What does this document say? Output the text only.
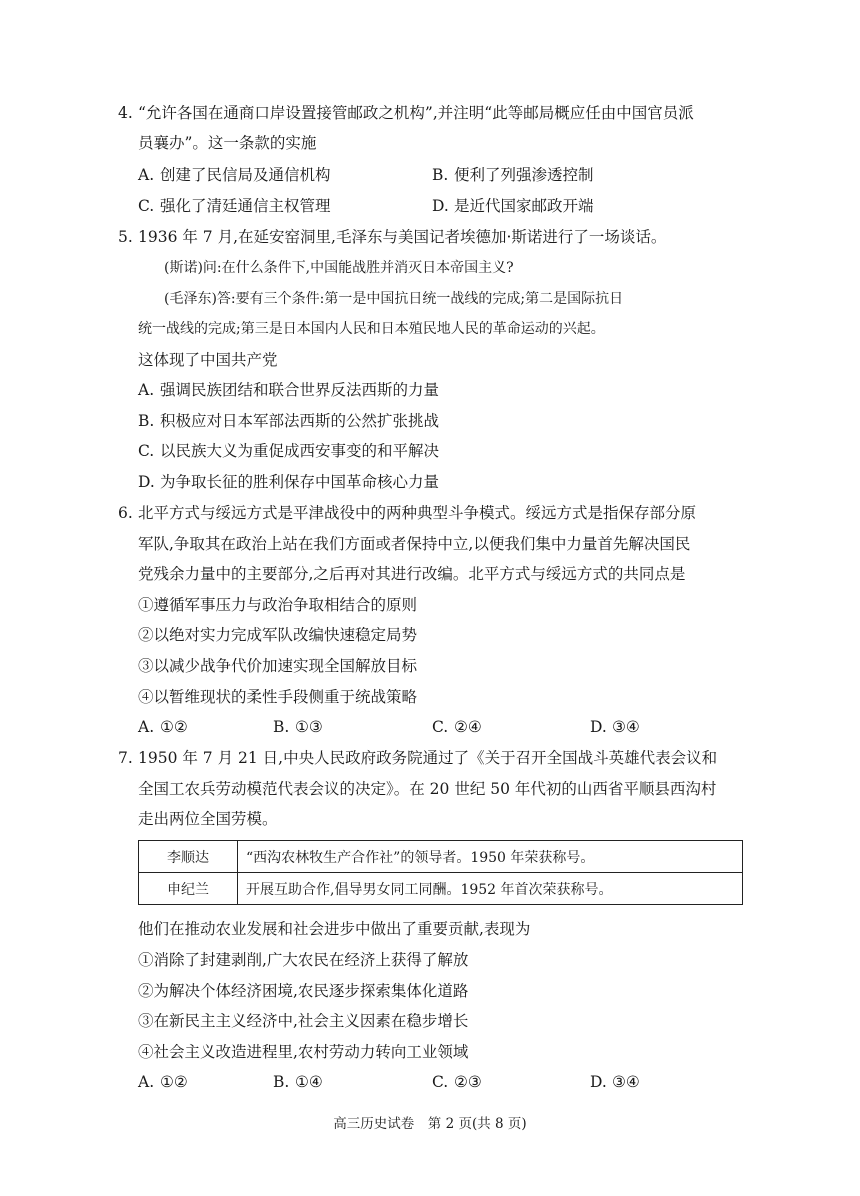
4. “允许各国在通商口岸设置接管邮政之机构”,并注明“此等邮局概应任由中国官员派
员襄办”。这一条款的实施
A. 创建了民信局及通信机构	B. 便利了列强渗透控制
C. 强化了清廷通信主权管理	D. 是近代国家邮政开端
5. 1936 年 7 月,在延安窑洞里,毛泽东与美国记者埃德加·斯诺进行了一场谈话。
(斯诺)问:在什么条件下,中国能战胜并消灭日本帝国主义?
(毛泽东)答:要有三个条件:第一是中国抗日统一战线的完成;第二是国际抗日
统一战线的完成;第三是日本国内人民和日本殖民地人民的革命运动的兴起。
这体现了中国共产党
A. 强调民族团结和联合世界反法西斯的力量
B. 积极应对日本军部法西斯的公然扩张挑战
C. 以民族大义为重促成西安事变的和平解决
D. 为争取长征的胜利保存中国革命核心力量
6. 北平方式与绥远方式是平津战役中的两种典型斗争模式。绥远方式是指保存部分原
军队,争取其在政治上站在我们方面或者保持中立,以便我们集中力量首先解决国民
党残余力量中的主要部分,之后再对其进行改编。北平方式与绥远方式的共同点是
①遵循军事压力与政治争取相结合的原则
②以绝对实力完成军队改编快速稳定局势
③以减少战争代价加速实现全国解放目标
④以暂维现状的柔性手段侧重于统战策略
A. ①②	B. ①③	C. ②④	D. ③④
7. 1950 年 7 月 21 日,中央人民政府政务院通过了《关于召开全国战斗英雄代表会议和
全国工农兵劳动模范代表会议的决定》。在 20 世纪 50 年代初的山西省平顺县西沟村
走出两位全国劳模。
李顺达	“西沟农林牧生产合作社”的领导者。1950 年荣获称号。
申纪兰	开展互助合作,倡导男女同工同酬。1952 年首次荣获称号。
他们在推动农业发展和社会进步中做出了重要贡献,表现为
①消除了封建剥削,广大农民在经济上获得了解放
②为解决个体经济困境,农民逐步探索集体化道路
③在新民主主义经济中,社会主义因素在稳步增长
④社会主义改造进程里,农村劳动力转向工业领域
A. ①②	B. ①④	C. ②③	D. ③④
高三历史试卷　第 2 页(共 8 页)
